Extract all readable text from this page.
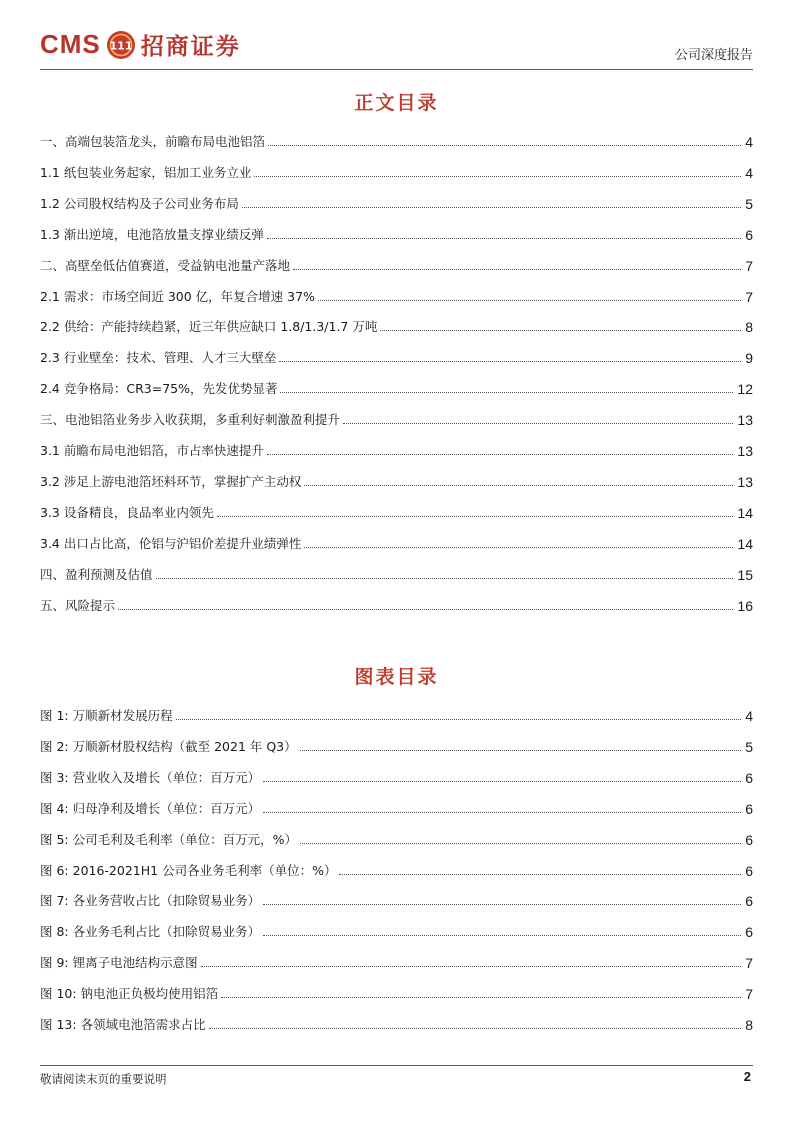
CMS 111 招商证券	公司深度报告
正文目录
一、高端包装箔龙头，前瞻布局电池铝箔	4
1.1 纸包装业务起家，铝加工业务立业	4
1.2 公司股权结构及子公司业务布局	5
1.3 渐出逆境，电池箔放量支撑业绩反弹	6
二、高壁垒低估值赛道，受益钠电池量产落地	7
2.1 需求：市场空间近 300 亿，年复合增速 37%	7
2.2 供给：产能持续趋紧，近三年供应缺口 1.8/1.3/1.7 万吨	8
2.3 行业壁垒：技术、管理、人才三大壁垒	9
2.4 竞争格局：CR3=75%，先发优势显著	12
三、电池铝箔业务步入收获期，多重利好刺激盈利提升	13
3.1 前瞻布局电池铝箔，市占率快速提升	13
3.2 涉足上游电池箔坯料环节，掌握扩产主动权	13
3.3 设备精良，良品率业内领先	14
3.4 出口占比高，伦铝与沪铝价差提升业绩弹性	14
四、盈利预测及估值	15
五、风险提示	16
图表目录
图 1: 万顺新材发展历程	4
图 2: 万顺新材股权结构（截至 2021 年 Q3）	5
图 3: 营业收入及增长（单位：百万元）	6
图 4: 归母净利及增长（单位：百万元）	6
图 5: 公司毛利及毛利率（单位：百万元，%）	6
图 6: 2016-2021H1 公司各业务毛利率（单位：%）	6
图 7: 各业务营收占比（扣除贸易业务）	6
图 8: 各业务毛利占比（扣除贸易业务）	6
图 9: 锂离子电池结构示意图	7
图 10: 钠电池正负极均使用铝箔	7
图 13: 各领域电池箔需求占比	8
敬请阅读末页的重要说明	2
